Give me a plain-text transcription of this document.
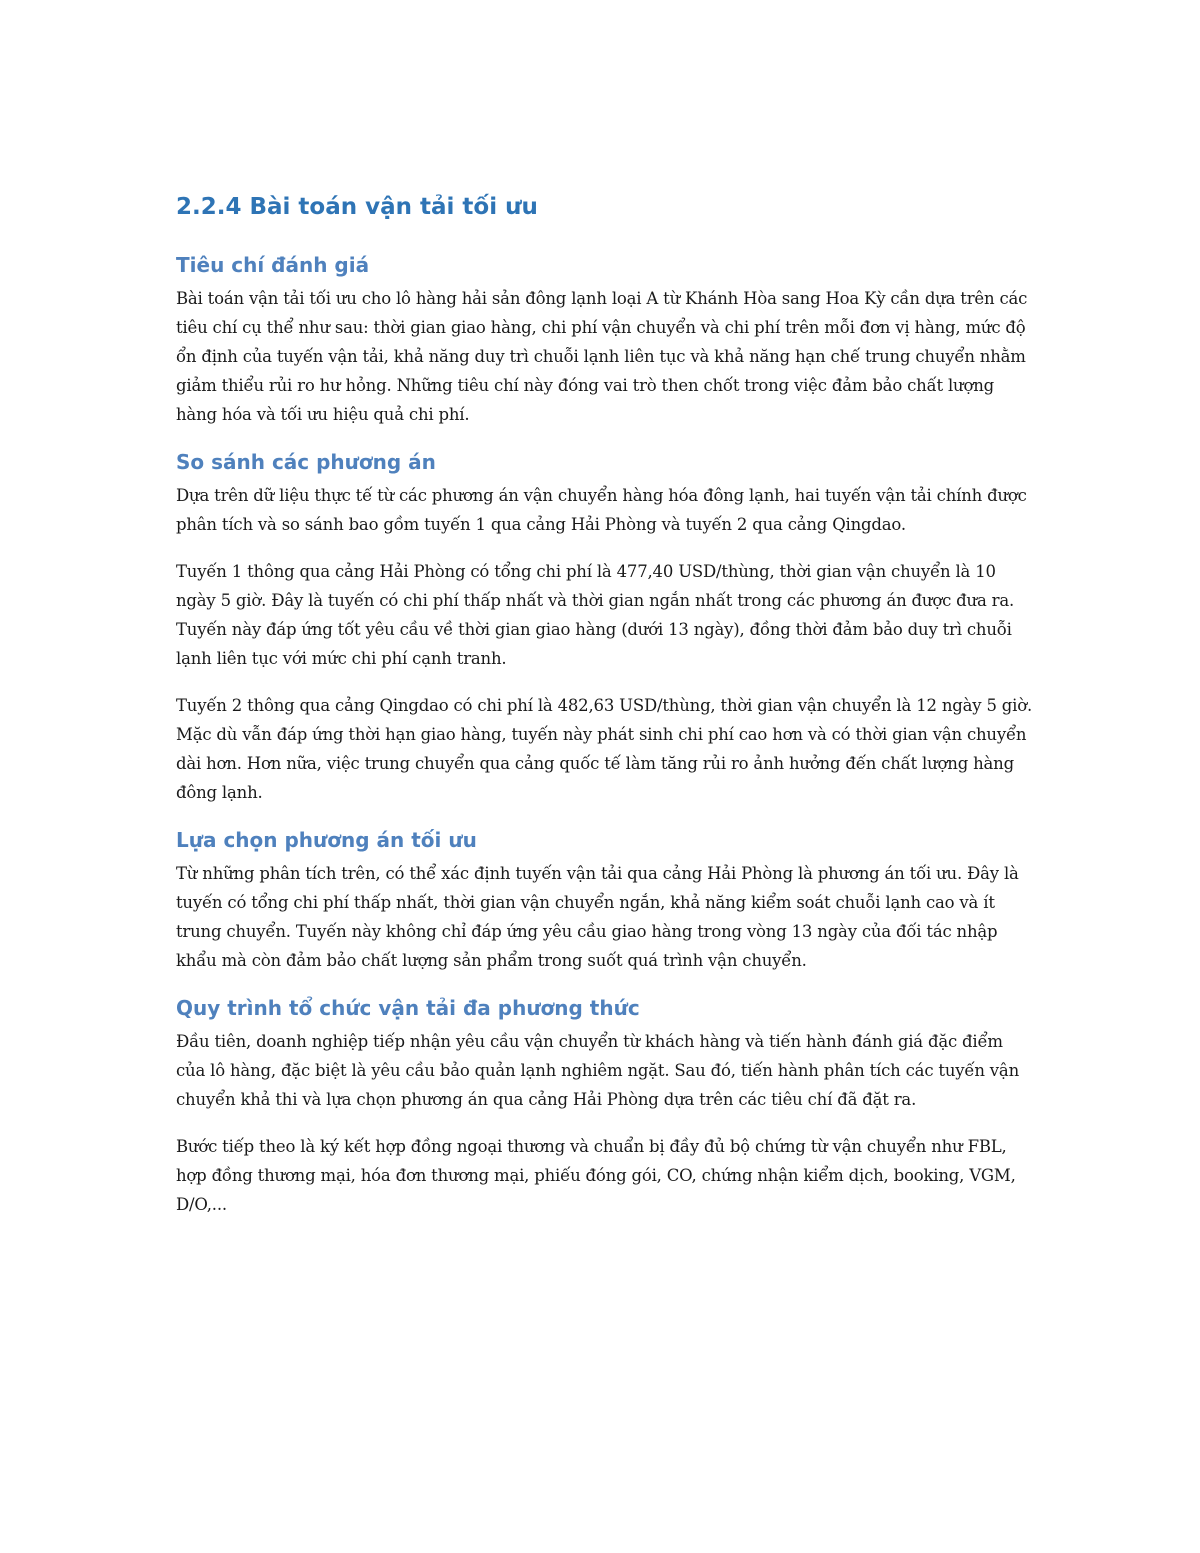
2.2.4 Bài toán vận tải tối ưu
Tiêu chí đánh giá

Bài toán vận tải tối ưu cho lô hàng hải sản đông lạnh loại A từ Khánh Hòa sang Hoa Kỳ cần dựa trên các tiêu chí cụ thể như sau: thời gian giao hàng, chi phí vận chuyển và chi phí trên mỗi đơn vị hàng, mức độ ổn định của tuyến vận tải, khả năng duy trì chuỗi lạnh liên tục và khả năng hạn chế trung chuyển nhằm giảm thiểu rủi ro hư hỏng. Những tiêu chí này đóng vai trò then chốt trong việc đảm bảo chất lượng hàng hóa và tối ưu hiệu quả chi phí.

So sánh các phương án

Dựa trên dữ liệu thực tế từ các phương án vận chuyển hàng hóa đông lạnh, hai tuyến vận tải chính được phân tích và so sánh bao gồm tuyến 1 qua cảng Hải Phòng và tuyến 2 qua cảng Qingdao.

Tuyến 1 thông qua cảng Hải Phòng có tổng chi phí là 477,40 USD/thùng, thời gian vận chuyển là 10 ngày 5 giờ. Đây là tuyến có chi phí thấp nhất và thời gian ngắn nhất trong các phương án được đưa ra. Tuyến này đáp ứng tốt yêu cầu về thời gian giao hàng (dưới 13 ngày), đồng thời đảm bảo duy trì chuỗi lạnh liên tục với mức chi phí cạnh tranh.

Tuyến 2 thông qua cảng Qingdao có chi phí là 482,63 USD/thùng, thời gian vận chuyển là 12 ngày 5 giờ. Mặc dù vẫn đáp ứng thời hạn giao hàng, tuyến này phát sinh chi phí cao hơn và có thời gian vận chuyển dài hơn. Hơn nữa, việc trung chuyển qua cảng quốc tế làm tăng rủi ro ảnh hưởng đến chất lượng hàng đông lạnh.

Lựa chọn phương án tối ưu

Từ những phân tích trên, có thể xác định tuyến vận tải qua cảng Hải Phòng là phương án tối ưu. Đây là tuyến có tổng chi phí thấp nhất, thời gian vận chuyển ngắn, khả năng kiểm soát chuỗi lạnh cao và ít trung chuyển. Tuyến này không chỉ đáp ứng yêu cầu giao hàng trong vòng 13 ngày của đối tác nhập khẩu mà còn đảm bảo chất lượng sản phẩm trong suốt quá trình vận chuyển.

Quy trình tổ chức vận tải đa phương thức

Đầu tiên, doanh nghiệp tiếp nhận yêu cầu vận chuyển từ khách hàng và tiến hành đánh giá đặc điểm của lô hàng, đặc biệt là yêu cầu bảo quản lạnh nghiêm ngặt. Sau đó, tiến hành phân tích các tuyến vận chuyển khả thi và lựa chọn phương án qua cảng Hải Phòng dựa trên các tiêu chí đã đặt ra.

Bước tiếp theo là ký kết hợp đồng ngoại thương và chuẩn bị đầy đủ bộ chứng từ vận chuyển như FBL, hợp đồng thương mại, hóa đơn thương mại, phiếu đóng gói, CO, chứng nhận kiểm dịch, booking, VGM, D/O,...
